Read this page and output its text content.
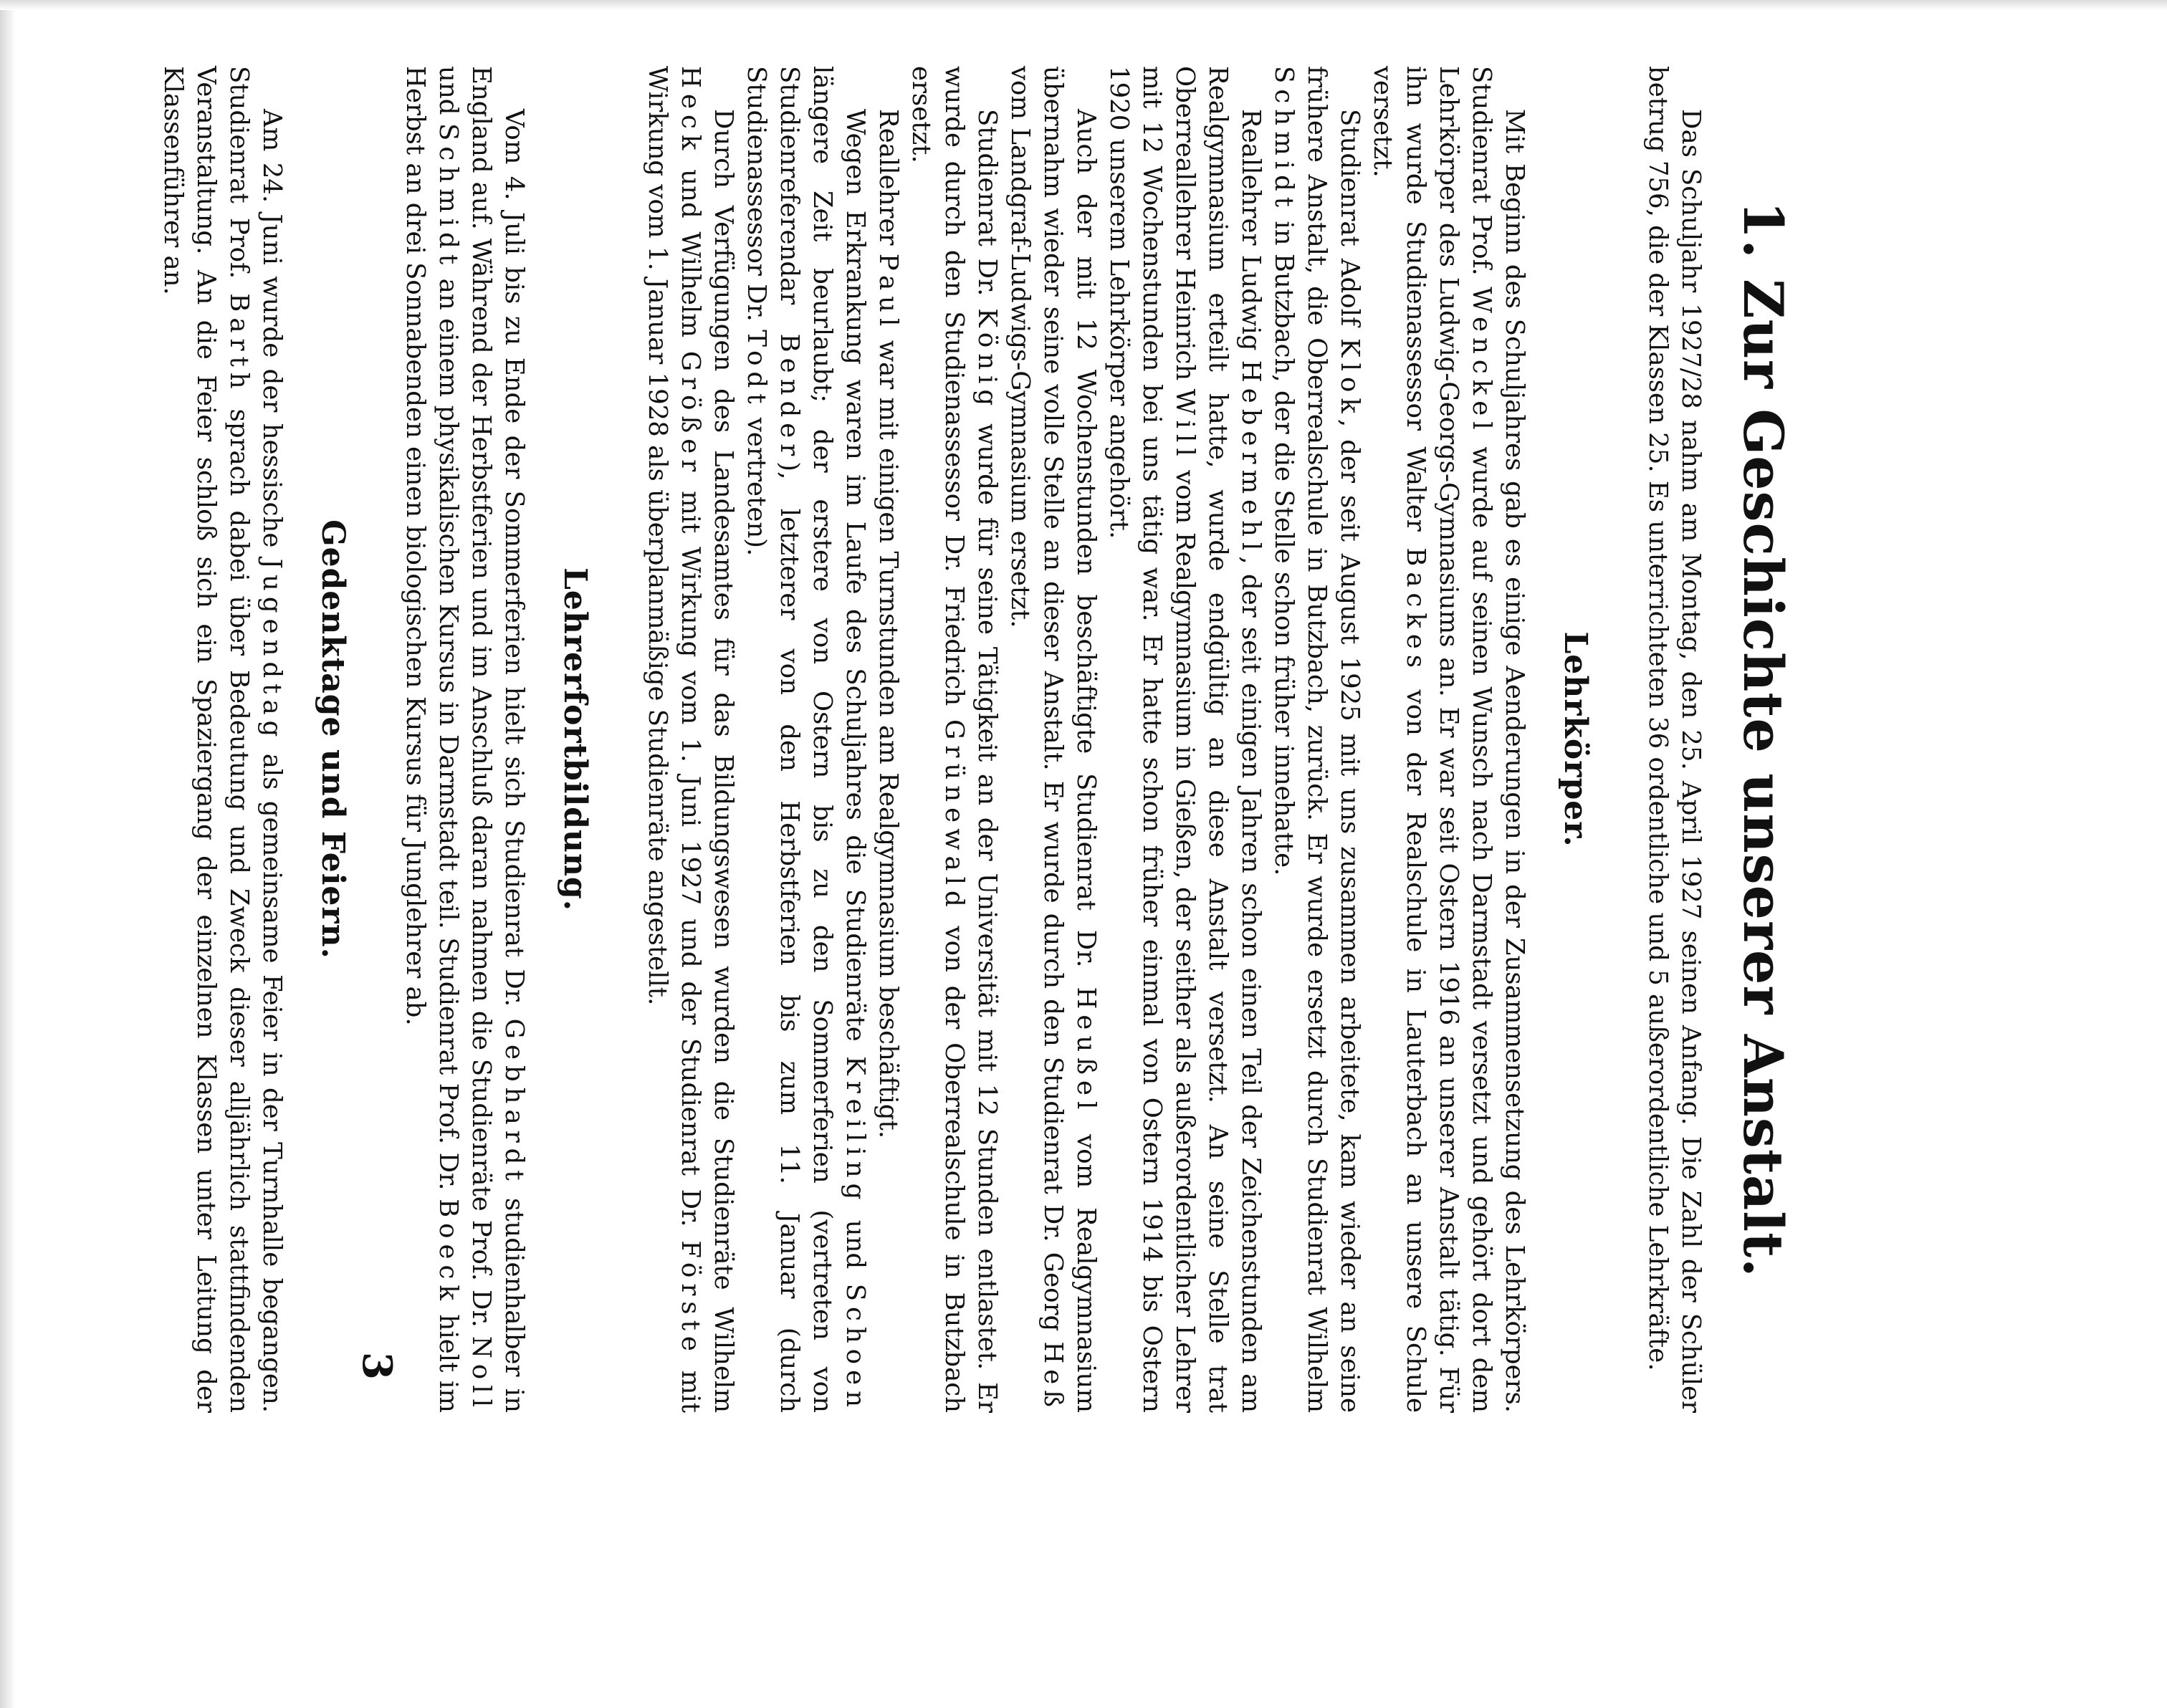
1. Zur Geschichte unserer Anstalt.

Das Schuljahr 1927/28 nahm am Montag, den 25. April 1927 seinen Anfang. Die Zahl der Schüler betrug 756, die der Klassen 25. Es unterrichteten 36 ordentliche und 5 außerordentliche Lehrkräfte.

Lehrkörper.

Mit Beginn des Schuljahres gab es einige Aenderungen in der Zusammensetzung des Lehrkörpers. Studienrat Prof. Wenckel wurde auf seinen Wunsch nach Darmstadt versetzt und gehört dort dem Lehrkörper des Ludwig-Georgs-Gymnasiums an. Er war seit Ostern 1916 an unserer Anstalt tätig. Für ihn wurde Studienassessor Walter Backes von der Realschule in Lauterbach an unsere Schule versetzt.

Studienrat Adolf Klok, der seit August 1925 mit uns zusammen arbeitete, kam wieder an seine frühere Anstalt, die Oberrealschule in Butzbach, zurück. Er wurde ersetzt durch Studienrat Wilhelm Schmidt in Butzbach, der die Stelle schon früher innehatte.

Reallehrer Ludwig Hebermehl, der seit einigen Jahren schon einen Teil der Zeichenstunden am Realgymnasium erteilt hatte, wurde endgültig an diese Anstalt versetzt. An seine Stelle trat Oberreallehrer Heinrich Will vom Realgymnasium in Gießen, der seither als außerordentlicher Lehrer mit 12 Wochenstunden bei uns tätig war. Er hatte schon früher einmal von Ostern 1914 bis Ostern 1920 unserem Lehrkörper angehört.

Auch der mit 12 Wochenstunden beschäftigte Studienrat Dr. Heußel vom Realgymnasium übernahm wieder seine volle Stelle an dieser Anstalt. Er wurde durch den Studienrat Dr. Georg Heß vom Landgraf-Ludwigs-Gymnasium ersetzt.

Studienrat Dr. König wurde für seine Tätigkeit an der Universität mit 12 Stunden entlastet. Er wurde durch den Studienassessor Dr. Friedrich Grünewald von der Oberrealschule in Butzbach ersetzt.

Reallehrer Paul war mit einigen Turnstunden am Realgymnasium beschäftigt.

Wegen Erkrankung waren im Laufe des Schuljahres die Studienräte Kreiling und Schoen längere Zeit beurlaubt; der erstere von Ostern bis zu den Sommerferien (vertreten von Studienreferendar Bender), letzterer von den Herbstferien bis zum 11. Januar (durch Studienassessor Dr. Todt vertreten).

Durch Verfügungen des Landesamtes für das Bildungswesen wurden die Studienräte Wilhelm Heck und Wilhelm Größer mit Wirkung vom 1. Juni 1927 und der Studienrat Dr. Förste mit Wirkung vom 1. Januar 1928 als überplanmäßige Studienräte angestellt.

Lehrerfortbildung.

Vom 4. Juli bis zu Ende der Sommerferien hielt sich Studienrat Dr. Gebhardt studienhalber in England auf. Während der Herbstferien und im Anschluß daran nahmen die Studienräte Prof. Dr. Noll und Schmidt an einem physikalischen Kursus in Darmstadt teil. Studienrat Prof. Dr. Boeck hielt im Herbst an drei Sonnabenden einen biologischen Kursus für Junglehrer ab.

Gedenktage und Feiern.

Am 24. Juni wurde der hessische Jugendtag als gemeinsame Feier in der Turnhalle begangen. Studienrat Prof. Barth sprach dabei über Bedeutung und Zweck dieser alljährlich stattfindenden Veranstaltung. An die Feier schloß sich ein Spaziergang der einzelnen Klassen unter Leitung der Klassenführer an.

3
